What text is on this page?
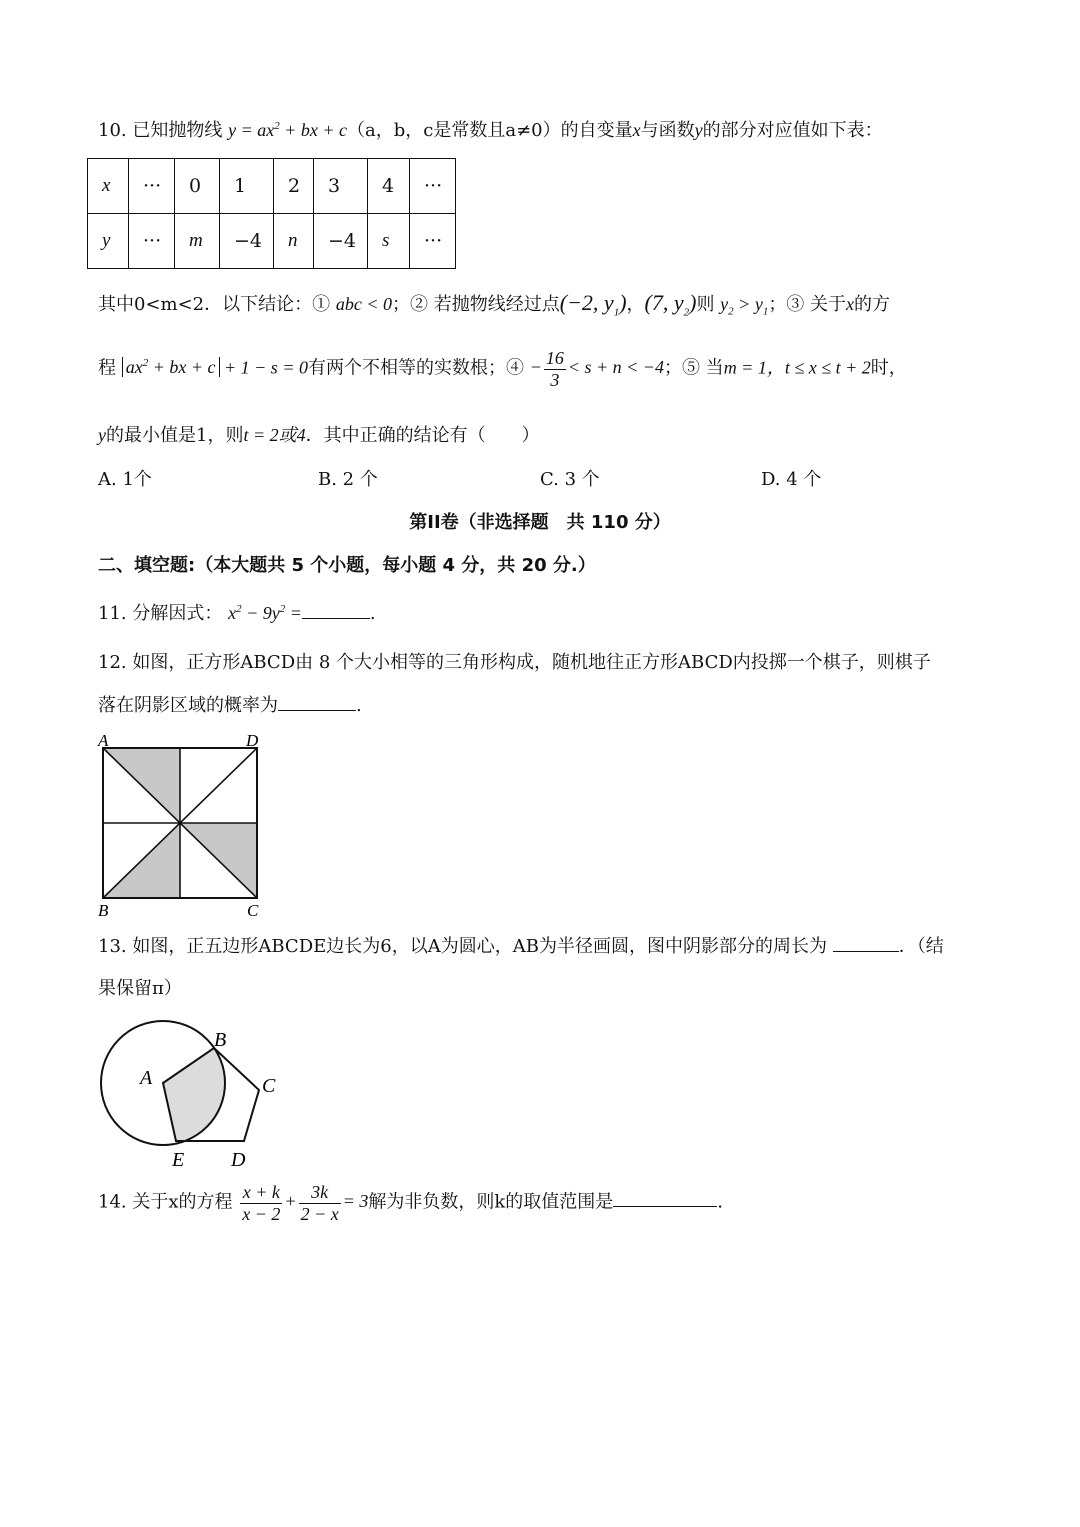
10. 已知抛物线 $y = ax^2$ + bx + c（a，b，c是常数且a≠0）的自变量x与函数y的部分对应值如下表：
x	···	0	1	2	3	4	···
y	···	m	−4	n	−4	s	···
其中0<m<2．以下结论：① abc < 0；② 若抛物线经过点(−2, $y_1$)，(7, $y_2$)则 $y_2 > y_1$；③ 关于x的方
程 $ax^2$ + bx + c + 1 − s = 0有两个不相等的实数根；④ − $\frac{16}{3} < s + n < -4$；⑤ 当m = 1，t ≤ x ≤ t + 2时，
y的最小值是1，则t = 2或4．其中正确的结论有（　　）
A. 1个	B. 2 个	C. 3 个	D. 4 个
第II卷（非选择题　共 110 分）
二、填空题:（本大题共 5 个小题，每小题 4 分，共 20 分.）
11. 分解因式： $x^2 - 9y^2$ =	.
12. 如图，正方形ABCD由 8 个大小相等的三角形构成，随机地往正方形ABCD内投掷一个棋子，则棋子
落在阴影区域的概率为	.
A	D
B	C
13. 如图，正五边形ABCDE边长为6，以A为圆心，AB为半径画圆，图中阴影部分的周长为	．（结
果保留π）
A
B
C
D
E
14. 关于x的方程 $\frac{x + k}{x - 2} + \frac{3k}{2 - x} = 3$解为非负数，则k的取值范围是	.
